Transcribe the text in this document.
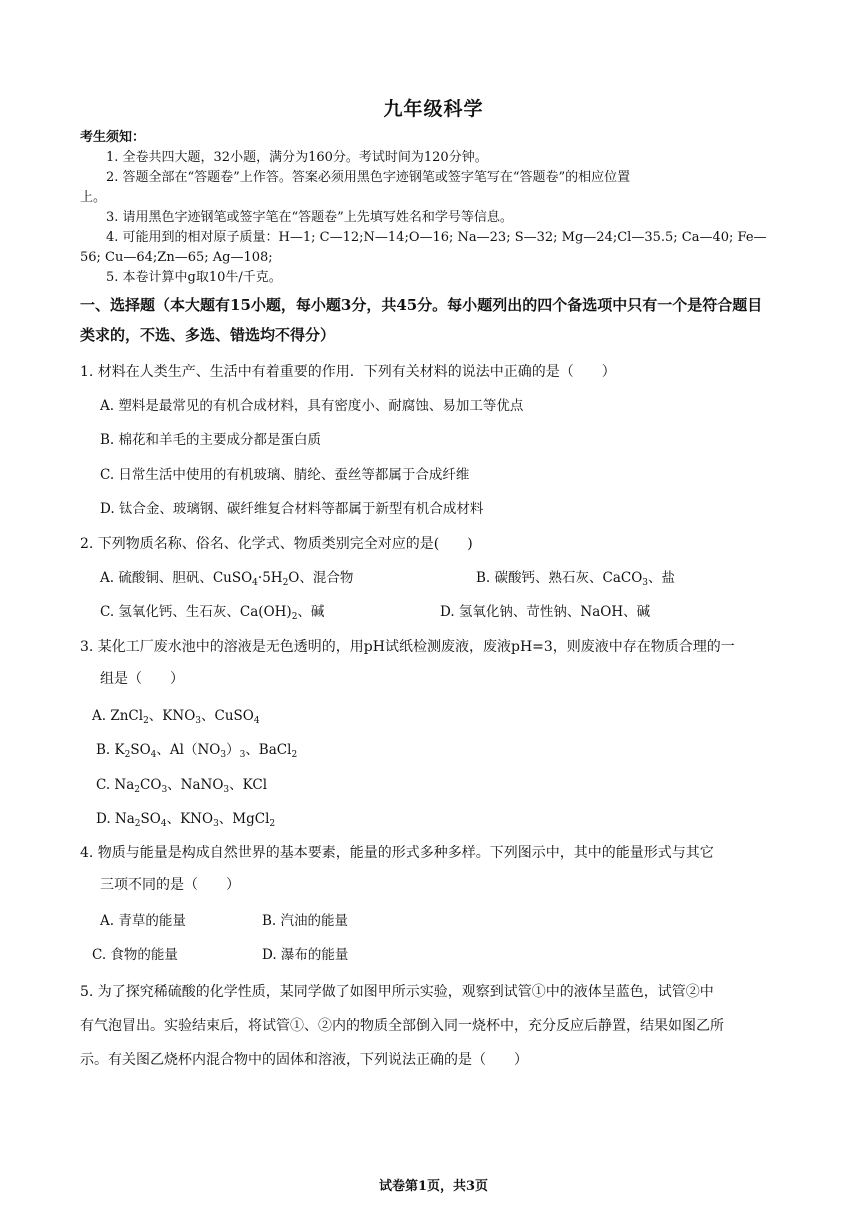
九年级科学
考生须知：
1. 全卷共四大题，32小题，满分为160分。考试时间为120分钟。
2. 答题全部在“答题卷”上作答。答案必须用黑色字迹钢笔或签字笔写在“答题卷”的相应位置
上。
3. 请用黑色字迹钢笔或签字笔在“答题卷”上先填写姓名和学号等信息。
4. 可能用到的相对原子质量：H—1; C—12;N—14;O—16; Na—23; S—32; Mg—24;Cl—35.5; Ca—40; Fe—
56; Cu—64;Zn—65; Ag—108;
5. 本卷计算中g取10牛/千克。
一、选择题（本大题有15小题，每小题3分，共45分。每小题列出的四个备选项中只有一个是符合题目
类求的，不选、多选、错选均不得分）
1. 材料在人类生产、生活中有着重要的作用．下列有关材料的说法中正确的是（　　）
A. 塑料是最常见的有机合成材料，具有密度小、耐腐蚀、易加工等优点
B. 棉花和羊毛的主要成分都是蛋白质
C. 日常生活中使用的有机玻璃、腈纶、蚕丝等都属于合成纤维
D. 钛合金、玻璃钢、碳纤维复合材料等都属于新型有机合成材料
2. 下列物质名称、俗名、化学式、物质类别完全对应的是(　　)
A. 硫酸铜、胆矾、$CuSO_4\cdot 5H_2O$、混合物	B. 碳酸钙、熟石灰、CaCO$_3$、盐
C. 氢氧化钙、生石灰、$Ca(OH)_2$、碱	D. 氢氧化钠、苛性钠、NaOH、碱
3. 某化工厂废水池中的溶液是无色透明的，用pH试纸检测废液，废液pH=3，则废液中存在物质合理的一
组是（　　）
A. ZnCl$_2$、$KNO_3$、CuSO$_4$
B. $K_2SO_4$、$Al(NO_3)_3$、BaCl$_2$
C. $Na_2CO_3$、NaNO$_3$、KCl
D. $Na_2SO_4$、$KNO_3$、MgCl$_2$
4. 物质与能量是构成自然世界的基本要素，能量的形式多种多样。下列图示中，其中的能量形式与其它
三项不同的是（　　）
A. 青草的能量	B. 汽油的能量
C. 食物的能量	D. 瀑布的能量
5. 为了探究稀硫酸的化学性质，某同学做了如图甲所示实验，观察到试管①中的液体呈蓝色，试管②中
有气泡冒出。实验结束后，将试管①、②内的物质全部倒入同一烧杯中，充分反应后静置，结果如图乙所
示。有关图乙烧杯内混合物中的固体和溶液，下列说法正确的是（　　）
试卷第1页，共3页
